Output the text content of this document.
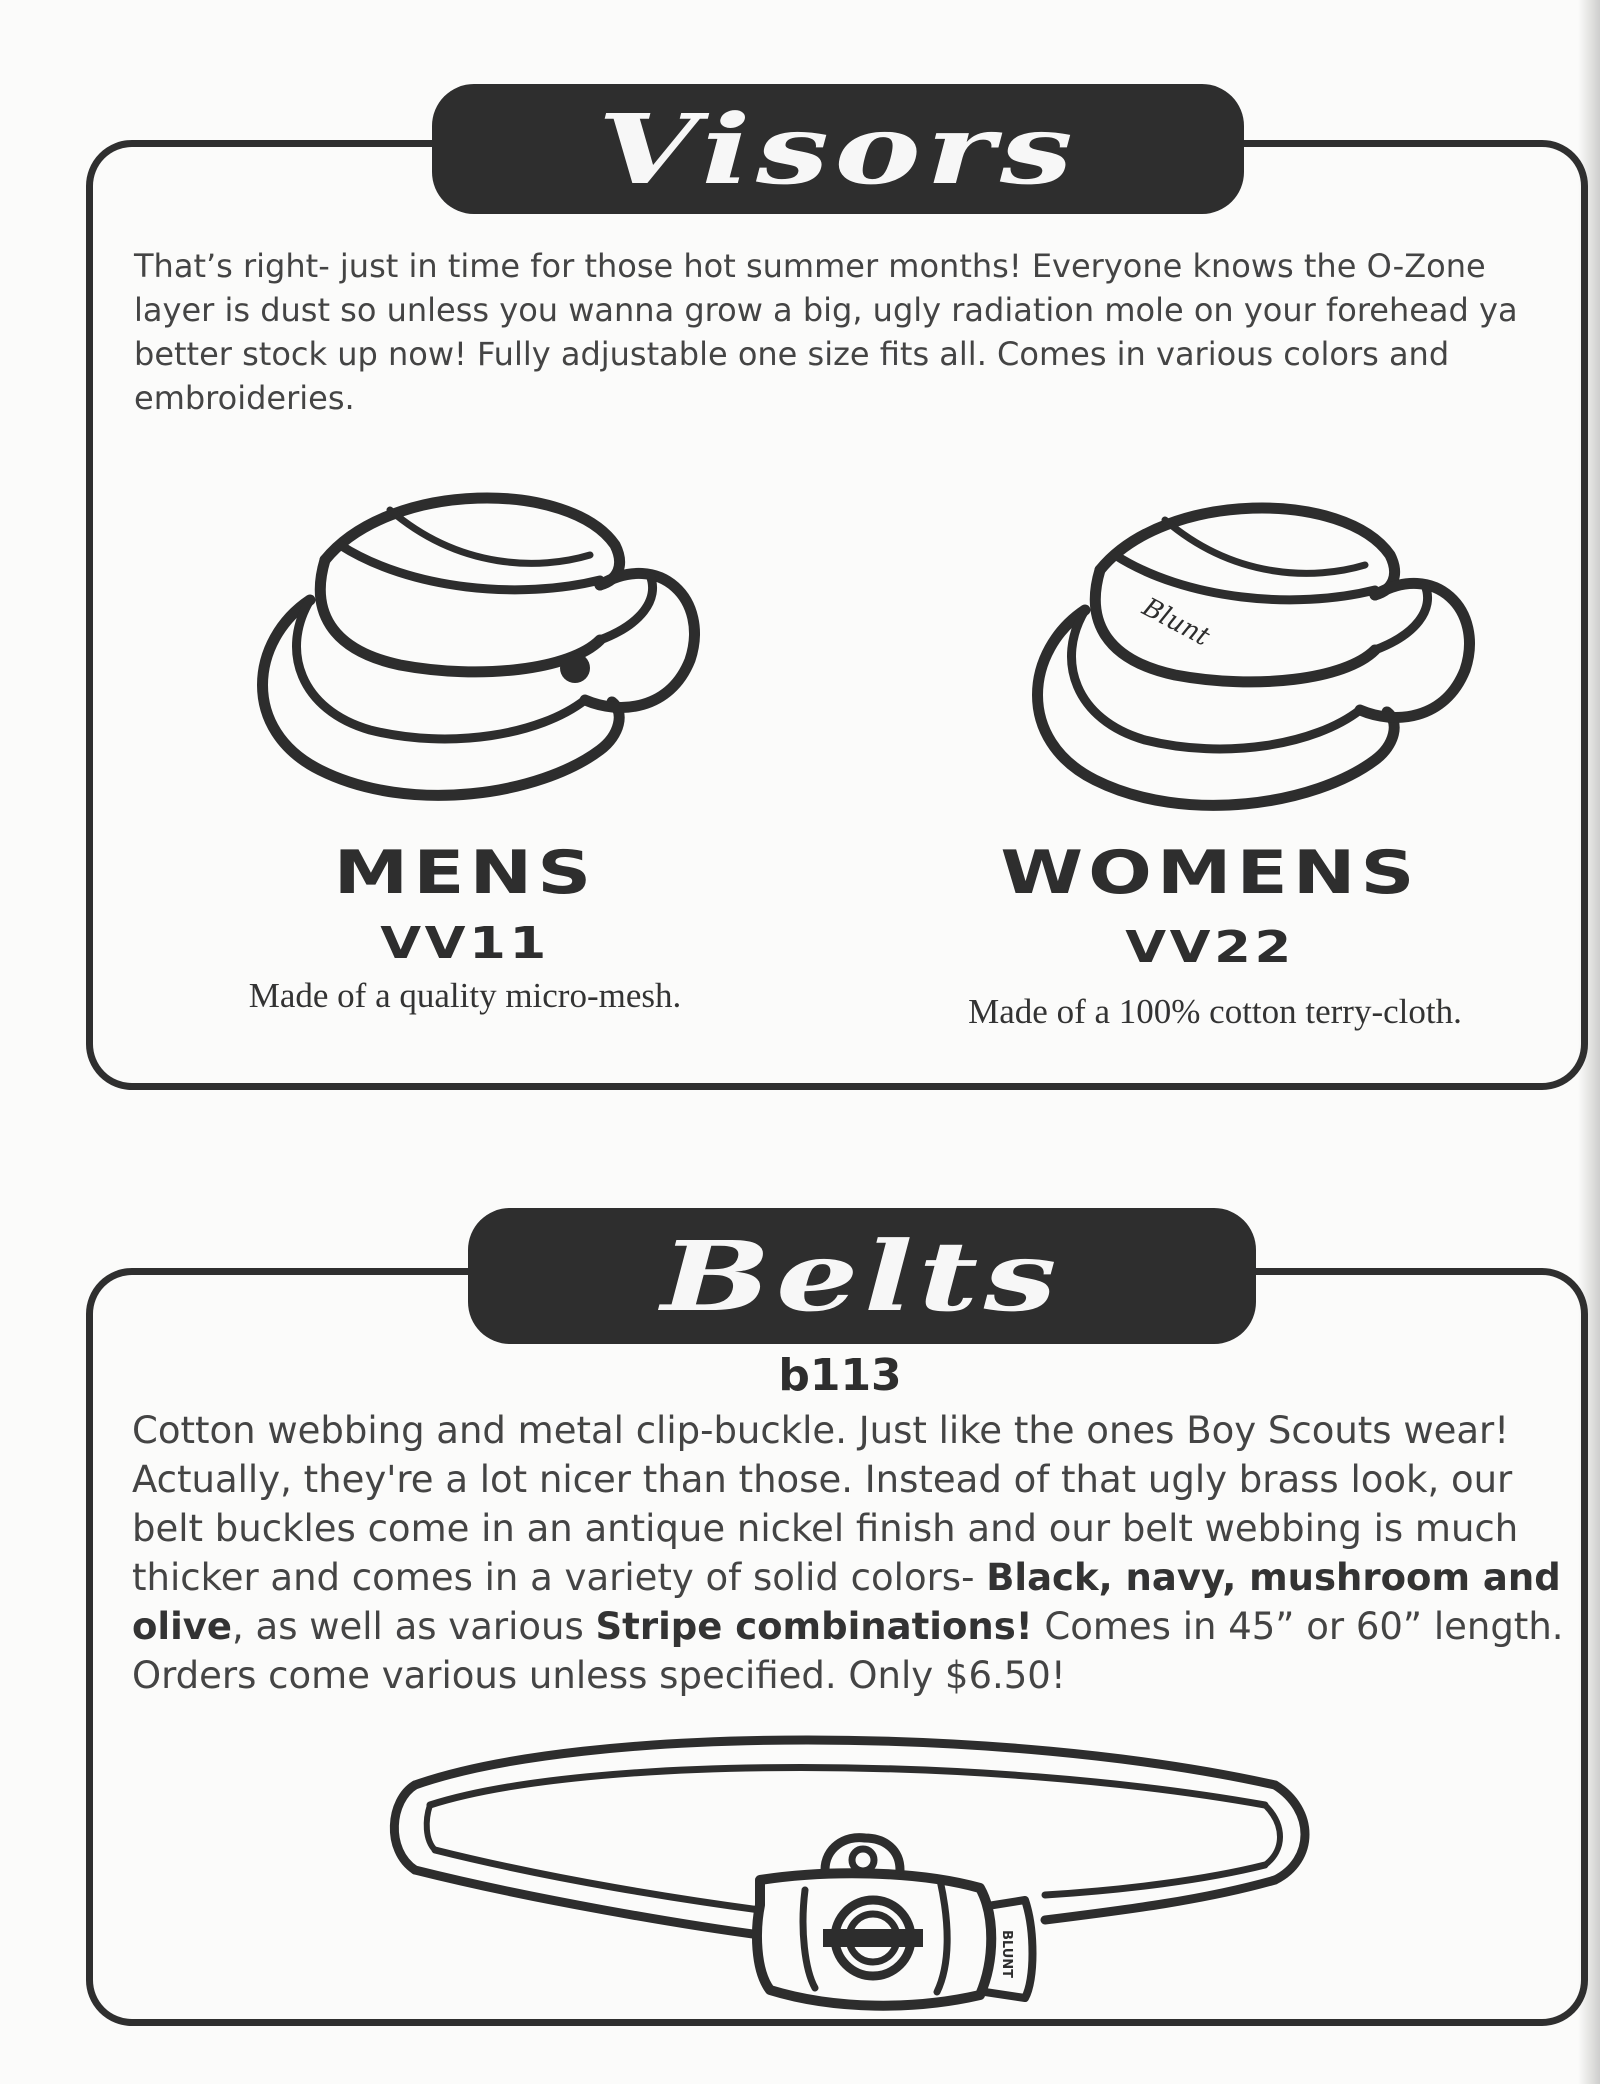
Visors
That’s right- just in time for those hot summer months! Everyone knows the O-Zone layer is dust so unless you wanna grow a big, ugly radiation mole on your forehead ya better stock up now! Fully adjustable one size fits all. Comes in various colors and embroideries.
MENS
VV11
Made of a quality micro-mesh.
Blunt
WOMENS
VV22
Made of a 100% cotton terry-cloth.
Belts
b113
Cotton webbing and metal clip-buckle. Just like the ones Boy Scouts wear! Actually, they're a lot nicer than those. Instead of that ugly brass look, our belt buckles come in an antique nickel finish and our belt webbing is much thicker and comes in a variety of solid colors- Black, navy, mushroom and olive, as well as various Stripe combinations! Comes in 45” or 60” length. Orders come various unless specified. Only $6.50!
BLUNT
